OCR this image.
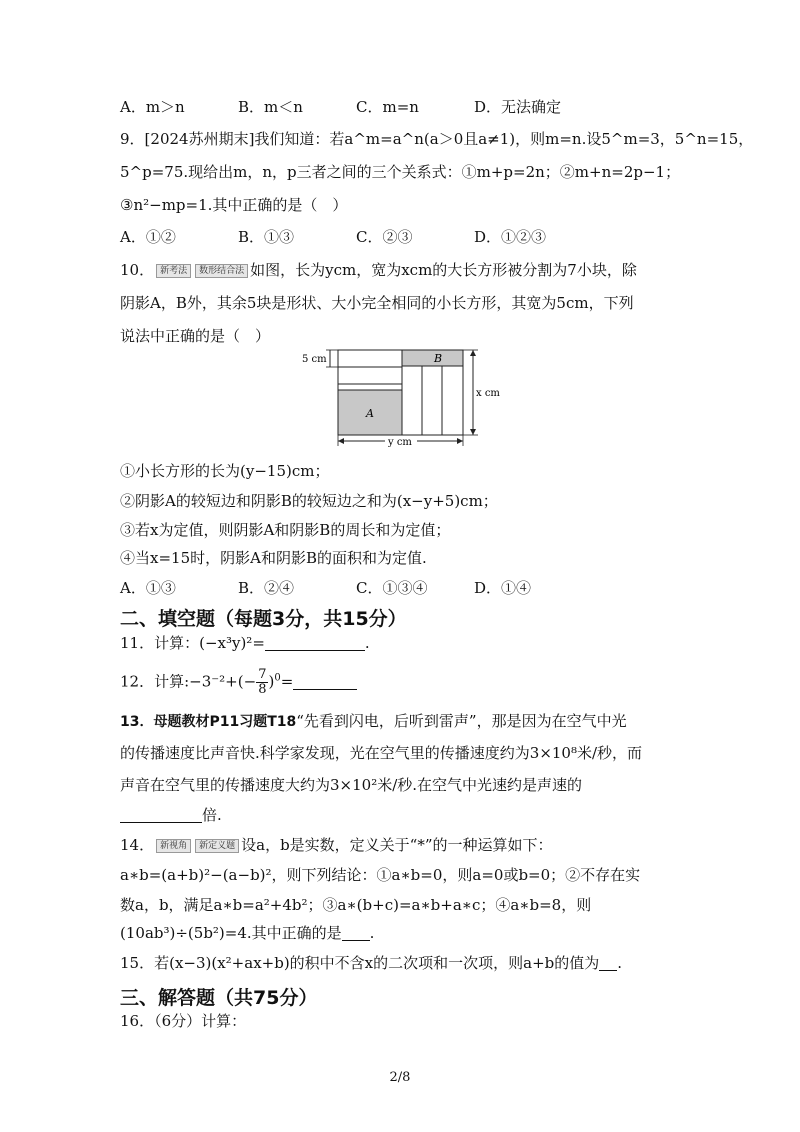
A．m＞n	B．m＜n	C．m=n	D．无法确定
9．[2024苏州期末]我们知道：若a^m=a^n(a＞0且a≠1)，则m=n.设5^m=3，5^n=15，
5^p=75.现给出m，n，p三者之间的三个关系式：①m+p=2n；②m+n=2p−1；
③n²−mp=1.其中正确的是（　）
A．①②	B．①③	C．②③	D．①②③
10． 新考法 数形结合法 如图，长为ycm，宽为xcm的大长方形被分割为7小块，除
阴影A，B外，其余5块是形状、大小完全相同的小长方形，其宽为5cm，下列
说法中正确的是（　）
B
A
5 cm
x cm
y cm
①小长方形的长为(y−15)cm；
②阴影A的较短边和阴影B的较短边之和为(x−y+5)cm；
③若x为定值，则阴影A和阴影B的周长和为定值；
④当x=15时，阴影A和阴影B的面积和为定值.
A．①③	B．②④	C．①③④	D．①④
二、填空题（每题3分，共15分）
11．计算：(−x³y)²=	.
12．计算:−3⁻²+(− $\frac{7}{8} )^0=$
13．母题教材P11习题T18“先看到闪电，后听到雷声”，那是因为在空气中光
的传播速度比声音快.科学家发现，光在空气里的传播速度约为3×10⁸米/秒，而
声音在空气里的传播速度大约为3×10²米/秒.在空气中光速约是声速的
倍.
14． 新视角 新定义题 设a，b是实数，定义关于“*”的一种运算如下：
a∗b=(a+b)²−(a−b)²，则下列结论：①a∗b=0，则a=0或b=0；②不存在实
数a，b，满足a∗b=a²+4b²；③a∗(b+c)=a∗b+a∗c；④a∗b=8，则
(10ab³)÷(5b²)=4.其中正确的是 .
15．若(x−3)(x²+ax+b)的积中不含x的二次项和一次项，则a+b的值为 .
三、解答题（共75分）
16．（6分）计算：
2/8
